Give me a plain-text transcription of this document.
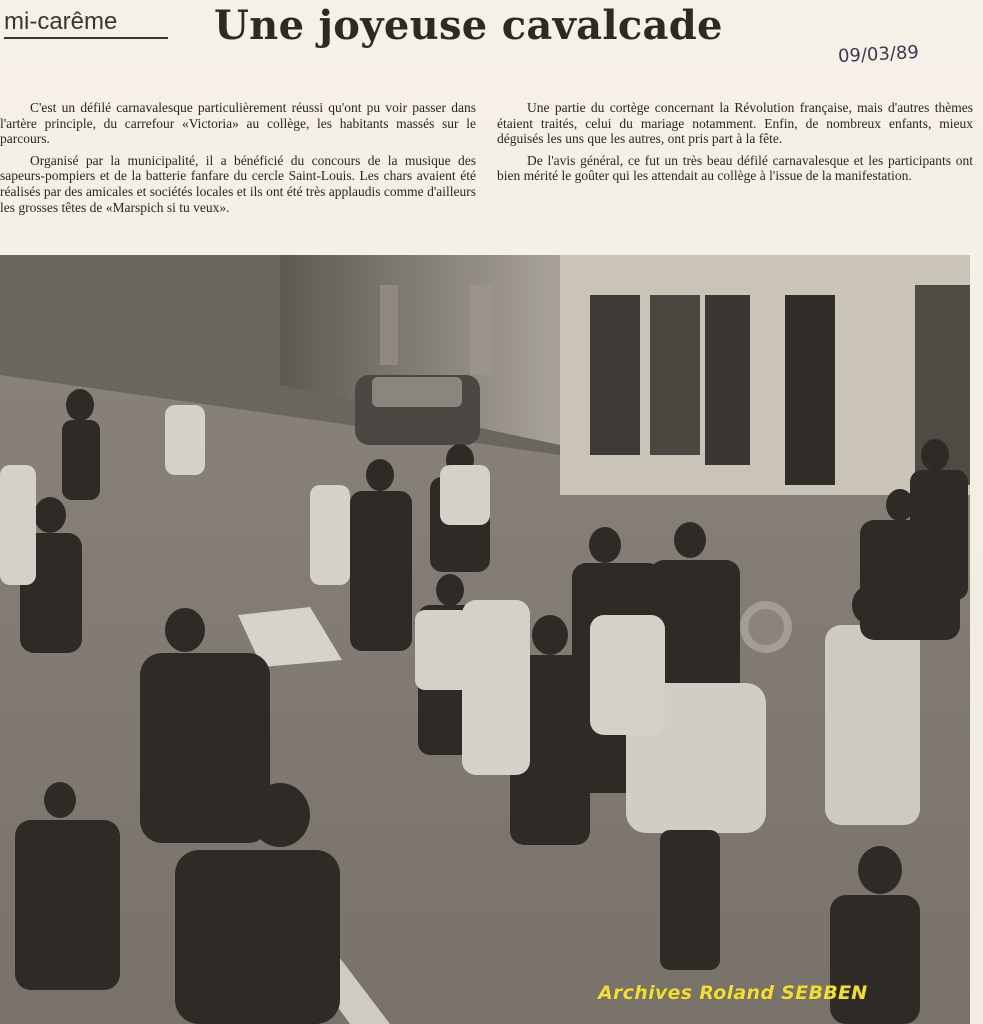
mi-carême Une joyeuse cavalcade
09/03/89

C'est un défilé carnavalesque particulièrement réussi qu'ont pu voir passer dans l'artère principle, du carrefour «Victoria» au collège, les habitants massés sur le parcours.

Organisé par la municipalité, il a bénéficié du concours de la musique des sapeurs-pompiers et de la batterie fanfare du cercle Saint-Louis. Les chars avaient été réalisés par des amicales et sociétés locales et ils ont été très applaudis comme d'ailleurs les grosses têtes de «Marspich si tu veux».

Une partie du cortège concernant la Révolution française, mais d'autres thèmes étaient traités, celui du mariage notamment. Enfin, de nombreux enfants, mieux déguisés les uns que les autres, ont pris part à la fête.

De l'avis général, ce fut un très beau défilé carnavalesque et les participants ont bien mérité le goûter qui les attendait au collège à l'issue de la manifestation.

Archives Roland SEBBEN
